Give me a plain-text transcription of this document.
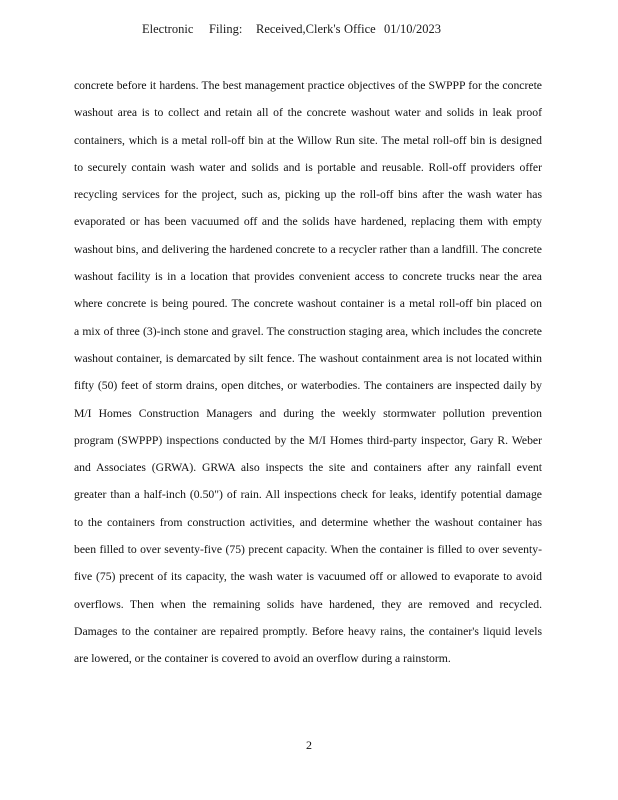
Electronic Filing: Received,Clerk's Office 01/10/2023
concrete before it hardens. The best management practice objectives of the SWPPP for the concrete
washout area is to collect and retain all of the concrete washout water and solids in leak proof
containers, which is a metal roll-off bin at the Willow Run site. The metal roll-off bin is designed
to securely contain wash water and solids and is portable and reusable. Roll-off providers offer
recycling services for the project, such as, picking up the roll-off bins after the wash water has
evaporated or has been vacuumed off and the solids have hardened, replacing them with empty
washout bins, and delivering the hardened concrete to a recycler rather than a landfill. The concrete
washout facility is in a location that provides convenient access to concrete trucks near the area
where concrete is being poured. The concrete washout container is a metal roll-off bin placed on
a mix of three (3)-inch stone and gravel. The construction staging area, which includes the concrete
washout container, is demarcated by silt fence. The washout containment area is not located within
fifty (50) feet of storm drains, open ditches, or waterbodies. The containers are inspected daily by
M/I Homes Construction Managers and during the weekly stormwater pollution prevention
program (SWPPP) inspections conducted by the M/I Homes third-party inspector, Gary R. Weber
and Associates (GRWA). GRWA also inspects the site and containers after any rainfall event
greater than a half-inch (0.50") of rain. All inspections check for leaks, identify potential damage
to the containers from construction activities, and determine whether the washout container has
been filled to over seventy-five (75) precent capacity. When the container is filled to over seventy-
five (75) precent of its capacity, the wash water is vacuumed off or allowed to evaporate to avoid
overflows. Then when the remaining solids have hardened, they are removed and recycled.
Damages to the container are repaired promptly. Before heavy rains, the container's liquid levels
are lowered, or the container is covered to avoid an overflow during a rainstorm.
2
